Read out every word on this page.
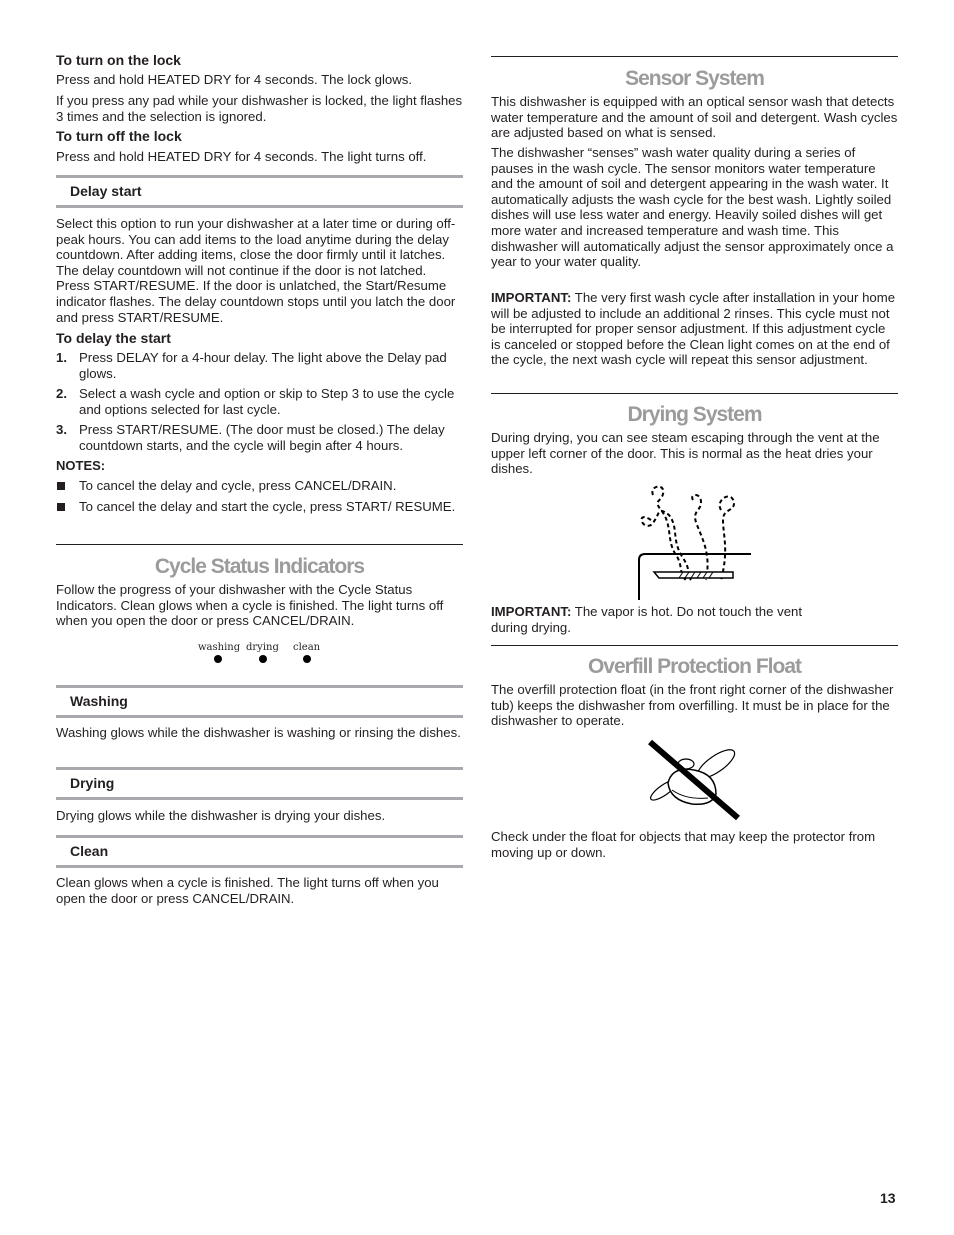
To turn on the lock

Press and hold HEATED DRY for 4 seconds. The lock glows.

If you press any pad while your dishwasher is locked, the light flashes 3 times and the selection is ignored.

To turn off the lock

Press and hold HEATED DRY for 4 seconds. The light turns off.

Delay start

Select this option to run your dishwasher at a later time or during off-peak hours. You can add items to the load anytime during the delay countdown. After adding items, close the door firmly until it latches. The delay countdown will not continue if the door is not latched. Press START/RESUME. If the door is unlatched, the Start/Resume indicator flashes. The delay countdown stops until you latch the door and press START/RESUME.

To delay the start

1. Press DELAY for a 4-hour delay. The light above the Delay pad glows.
2. Select a wash cycle and option or skip to Step 3 to use the cycle and options selected for last cycle.
3. Press START/RESUME. (The door must be closed.) The delay countdown starts, and the cycle will begin after 4 hours.

NOTES:

To cancel the delay and cycle, press CANCEL/DRAIN.
To cancel the delay and start the cycle, press START/ RESUME.
Cycle Status Indicators

Follow the progress of your dishwasher with the Cycle Status Indicators. Clean glows when a cycle is finished. The light turns off when you open the door or press CANCEL/DRAIN.

washing drying clean
Washing

Washing glows while the dishwasher is washing or rinsing the dishes.

Drying

Drying glows while the dishwasher is drying your dishes.

Clean

Clean glows when a cycle is finished. The light turns off when you open the door or press CANCEL/DRAIN.

Sensor System

This dishwasher is equipped with an optical sensor wash that detects water temperature and the amount of soil and detergent. Wash cycles are adjusted based on what is sensed.

The dishwasher “senses” wash water quality during a series of pauses in the wash cycle. The sensor monitors water temperature and the amount of soil and detergent appearing in the wash water. It automatically adjusts the wash cycle for the best wash. Lightly soiled dishes will use less water and energy. Heavily soiled dishes will get more water and increased temperature and wash time. This dishwasher will automatically adjust the sensor approximately once a year to your water quality.

IMPORTANT: The very first wash cycle after installation in your home will be adjusted to include an additional 2 rinses. This cycle must not be interrupted for proper sensor adjustment. If this adjustment cycle is canceled or stopped before the Clean light comes on at the end of the cycle, the next wash cycle will repeat this sensor adjustment.

Drying System

During drying, you can see steam escaping through the vent at the upper left corner of the door. This is normal as the heat dries your dishes.

IMPORTANT: The vapor is hot. Do not touch the vent during drying.

Overfill Protection Float

The overfill protection float (in the front right corner of the dishwasher tub) keeps the dishwasher from overfilling. It must be in place for the dishwasher to operate.

Check under the float for objects that may keep the protector from moving up or down.

13
